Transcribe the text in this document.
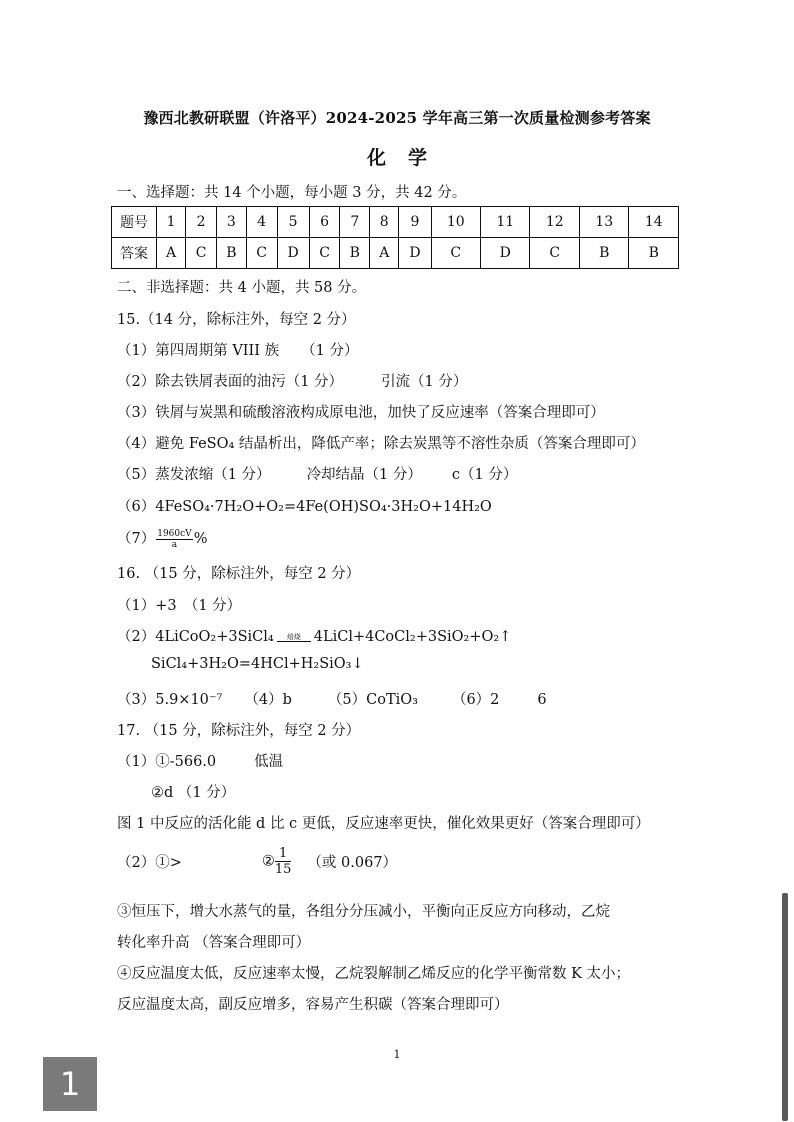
豫西北教研联盟（许洛平）2024-2025 学年高三第一次质量检测参考答案
化学
一、选择题：共 14 个小题，每小题 3 分，共 42 分。
题号	1	2	3	4	5	6	7	8	9	10	11	12	13	14
答案	A	C	B	C	D	C	B	A	D	C	D	C	B	B
二、非选择题：共 4 小题，共 58 分。
15.（14 分，除标注外，每空 2 分）
（1）第四周期第 VIII 族 （1 分）
（2）除去铁屑表面的油污（1 分）	引流（1 分）
（3）铁屑与炭黑和硫酸溶液构成原电池，加快了反应速率（答案合理即可）
（4）避免 FeSO₄ 结晶析出，降低产率；除去炭黑等不溶性杂质（答案合理即可）
（5）蒸发浓缩（1 分） 冷却结晶（1 分） c（1 分）
（6）4FeSO₄·7H₂O+O₂=4Fe(OH)SO₄·3H₂O+14H₂O
$(7) \frac{1960cV}{a}$ %
16. （15 分，除标注外，每空 2 分）
（1）+3　（1 分）
（2）4LiCoO₂+3SiCl₄	焙烧 4LiCl+4CoCl₂+3SiO₂+O₂↑
SiCl₄+3H₂O=4HCl+H₂SiO₃↓
（3）5.9×10⁻⁷ （4）b （5）CoTiO₃ （6）2	6
17. （15 分，除标注外，每空 2 分）
（1）①-566.0	低温
②d （1 分）
图 1 中反应的活化能 d 比 c 更低，反应速率更快，催化效果更好（答案合理即可）
（2）①>	② $\frac{1}{15}$ （或 0.067）
③恒压下，增大水蒸气的量，各组分分压减小，平衡向正反应方向移动，乙烷
转化率升高 （答案合理即可）
④反应温度太低，反应速率太慢，乙烷裂解制乙烯反应的化学平衡常数 K 太小；
反应温度太高，副反应增多，容易产生积碳（答案合理即可）
1
1
